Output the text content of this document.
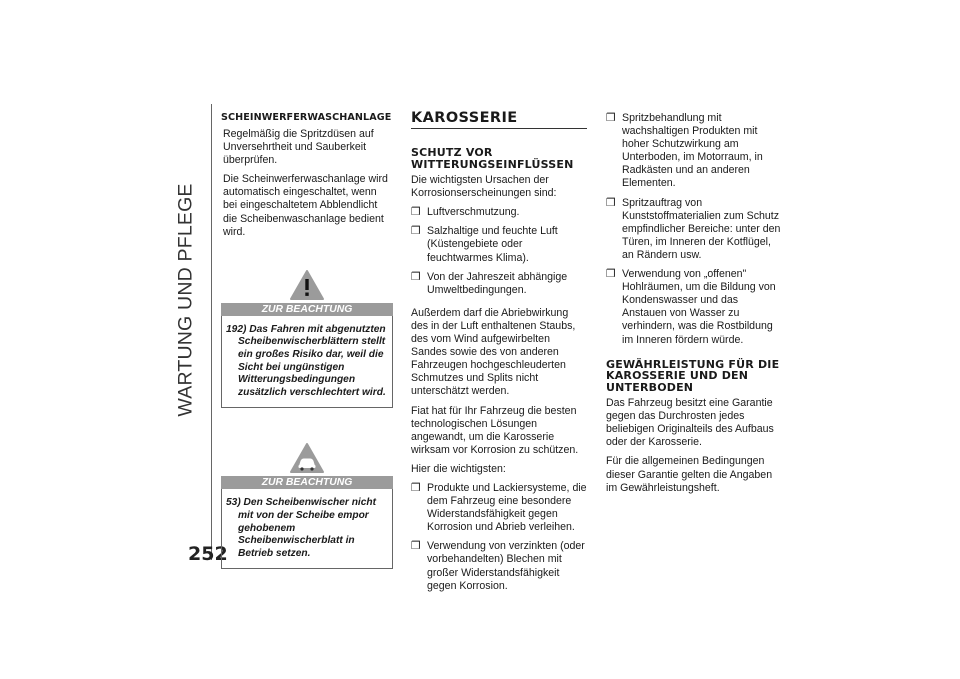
WARTUNG UND PFLEGE
252
SCHEINWERFERWASCHANLAGE

Regelmäßig die Spritzdüsen auf Unversehrtheit und Sauberkeit überprüfen.

Die Scheinwerferwaschanlage wird automatisch eingeschaltet, wenn bei eingeschaltetem Abblendlicht die Scheibenwaschanlage bedient wird.

ZUR BEACHTUNG
192) Das Fahren mit abgenutzten Scheibenwischerblättern stellt ein großes Risiko dar, weil die Sicht bei ungünstigen Witterungsbedingungen zusätzlich verschlechtert wird.
ZUR BEACHTUNG
53) Den Scheibenwischer nicht mit von der Scheibe empor gehobenem Scheibenwischerblatt in Betrieb setzen.
KAROSSERIE
SCHUTZ VOR WITTERUNGSEINFLÜSSEN

Die wichtigsten Ursachen der Korrosionserscheinungen sind:

❒ Luftverschmutzung.
❒ Salzhaltige und feuchte Luft (Küstengebiete oder feuchtwarmes Klima).
❒ Von der Jahreszeit abhängige Umweltbedingungen.

Außerdem darf die Abriebwirkung des in der Luft enthaltenen Staubs, des vom Wind aufgewirbelten Sandes sowie des von anderen Fahrzeugen hochgeschleuderten Schmutzes und Splits nicht unterschätzt werden.

Fiat hat für Ihr Fahrzeug die besten technologischen Lösungen angewandt, um die Karosserie wirksam vor Korrosion zu schützen.

Hier die wichtigsten:

❒ Produkte und Lackiersysteme, die dem Fahrzeug eine besondere Widerstandsfähigkeit gegen Korrosion und Abrieb verleihen.
❒ Verwendung von verzinkten (oder vorbehandelten) Blechen mit großer Widerstandsfähigkeit gegen Korrosion.
❒ Spritzbehandlung mit wachshaltigen Produkten mit hoher Schutzwirkung am Unterboden, im Motorraum, in Radkästen und an anderen Elementen.
❒ Spritzauftrag von Kunststoffmaterialien zum Schutz empfindlicher Bereiche: unter den Türen, im Inneren der Kotflügel, an Rändern usw.
❒ Verwendung von „offenen" Hohlräumen, um die Bildung von Kondenswasser und das Anstauen von Wasser zu verhindern, was die Rostbildung im Inneren fördern würde.
GEWÄHRLEISTUNG FÜR DIE KAROSSERIE UND DEN UNTERBODEN

Das Fahrzeug besitzt eine Garantie gegen das Durchrosten jedes beliebigen Originalteils des Aufbaus oder der Karosserie.

Für die allgemeinen Bedingungen dieser Garantie gelten die Angaben im Gewährleistungsheft.
